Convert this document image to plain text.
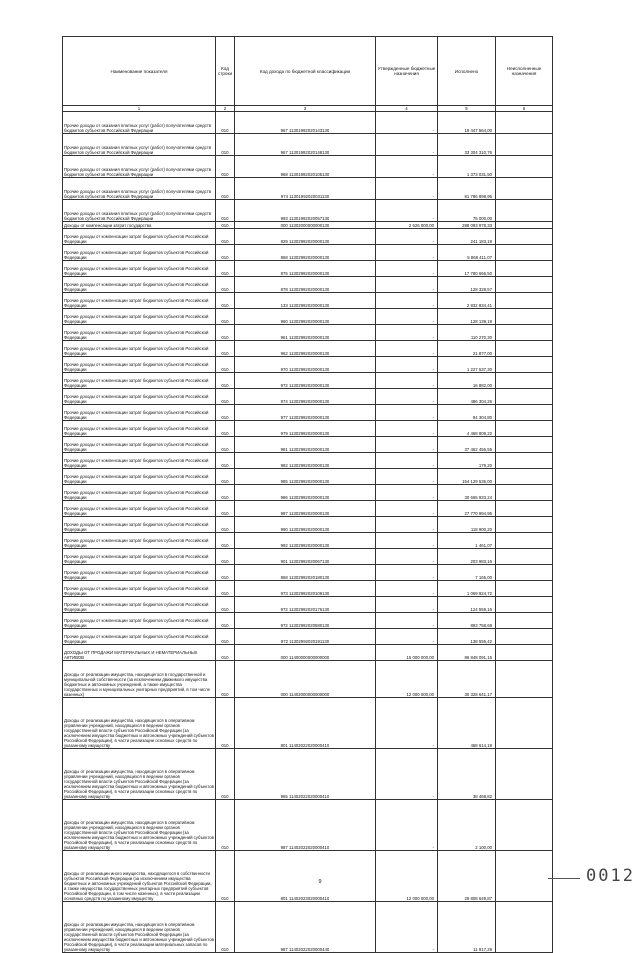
Наименование показателя	Код строки	Код дохода по бюджетной классификации	Утвержденные бюджетные назначения	Исполнено	Неисполненные назначения
1	2	3	4	5	6
Прочие доходы от оказания платных услуг (работ) получателями средств бюджетов субъектов Российской Федерации	010	967 11301992020143130	-	19 447 564,00	
Прочие доходы от оказания платных услуг (работ) получателями средств бюджетов субъектов Российской Федерации	010	967 11301992020148130	-	33 304 310,76	
Прочие доходы от оказания платных услуг (работ) получателями средств бюджетов субъектов Российской Федерации	010	968 11301992020105130	-	1 373 031,50	
Прочие доходы от оказания платных услуг (работ) получателями средств бюджетов субъектов Российской Федерации	010	974 11301992020031130	-	81 786 898,95	
Прочие доходы от оказания платных услуг (работ) получателями средств бюджетов субъектов Российской Федерации	010	993 11301992020057130	-	75 000,00	
Доходы от компенсации затрат государства	010	000 11302000000000130	2 626 000,00	288 093 978,33	
Прочие доходы от компенсации затрат бюджетов субъектов Российской Федерации	010	829 11302992020000130	-	241 183,19	
Прочие доходы от компенсации затрат бюджетов субъектов Российской Федерации	010	868 11302992020000130	-	5 868 411,07	
Прочие доходы от компенсации затрат бюджетов субъектов Российской Федерации	010	875 11302992020000130	-	17 780 666,50	
Прочие доходы от компенсации затрат бюджетов субъектов Российской Федерации	010	878 11302992020000130	-	128 328,57	
Прочие доходы от компенсации затрат бюджетов субъектов Российской Федерации	010	133 11302992020000130	-	2 832 834,41	
Прочие доходы от компенсации затрат бюджетов субъектов Российской Федерации	010	960 11302992020000130	-	128 139,19	
Прочие доходы от компенсации затрат бюджетов субъектов Российской Федерации	010	961 11302992020000130	-	110 270,30	
Прочие доходы от компенсации затрат бюджетов субъектов Российской Федерации	010	962 11302992020000130	-	21 877,00	
Прочие доходы от компенсации затрат бюджетов субъектов Российской Федерации	010	970 11302992020000130	-	1 227 537,30	
Прочие доходы от компенсации затрат бюджетов субъектов Российской Федерации	010	972 11302992020000130	-	16 882,00	
Прочие доходы от компенсации затрат бюджетов субъектов Российской Федерации	010	974 11302992020000130	-	486 304,26	
Прочие доходы от компенсации затрат бюджетов субъектов Российской Федерации	010	977 11302992020000130	-	94 304,80	
Прочие доходы от компенсации затрат бюджетов субъектов Российской Федерации	010	979 11302992020000130	-	4 468 809,22	
Прочие доходы от компенсации затрат бюджетов субъектов Российской Федерации	010	981 11302992020000130	-	37 462 456,55	
Прочие доходы от компенсации затрат бюджетов субъектов Российской Федерации	010	982 11302992020000130	-	179,20	
Прочие доходы от компенсации затрат бюджетов субъектов Российской Федерации	010	985 11302992020000130	-	154 129 536,00	
Прочие доходы от компенсации затрат бюджетов субъектов Российской Федерации	010	986 11302992020000130	-	30 665 933,24	
Прочие доходы от компенсации затрат бюджетов субъектов Российской Федерации	010	987 11302992020000130	-	27 770 994,95	
Прочие доходы от компенсации затрат бюджетов субъектов Российской Федерации	010	990 11302992020000130	-	118 900,20	
Прочие доходы от компенсации затрат бюджетов субъектов Российской Федерации	010	992 11302992020000130	-	1 461,07	
Прочие доходы от компенсации затрат бюджетов субъектов Российской Федерации	010	901 11302992020067130	-	203 983,16	
Прочие доходы от компенсации затрат бюджетов субъектов Российской Федерации	010	868 11302992020180130	-	7 165,00	
Прочие доходы от компенсации затрат бюджетов субъектов Российской Федерации	010	973 11302992020109130	-	1 069 924,72	
Прочие доходы от компенсации затрат бюджетов субъектов Российской Федерации	010	972 11302992020176130	-	124 559,16	
Прочие доходы от компенсации затрат бюджетов субъектов Российской Федерации	010	972 11302992020580130	-	893 758,68	
Прочие доходы от компенсации затрат бюджетов субъектов Российской Федерации	010	972 11302992020191130	-	138 555,42	
ДОХОДЫ ОТ ПРОДАЖИ МАТЕРИАЛЬНЫХ И НЕМАТЕРИАЛЬНЫХ АКТИВОВ	010	000 11400000000000000	15 000 000,00	86 848 091,15	
Доходы от реализации имущества, находящегося в государственной и муниципальной собственности (за исключением движимого имущества бюджетных и автономных учреждений, а также имущества государственных и муниципальных унитарных предприятий, в том числе казенных)	010	000 11402000000000000	12 000 000,00	30 328 641,17	
Доходы от реализации имущества, находящегося в оперативном управлении учреждений, находящихся в ведении органов государственной власти субъектов Российской Федерации (за исключением имущества бюджетных и автономных учреждений субъектов Российской Федерации), в части реализации основных средств по указанному имуществу	010	801 11402022020000410	-	468 614,19	
Доходы от реализации имущества, находящегося в оперативном управлении учреждений, находящихся в ведении органов государственной власти субъектов Российской Федерации (за исключением имущества бюджетных и автономных учреждений субъектов Российской Федерации), в части реализации основных средств по указанному имуществу	010	965 11402022020000410	-	38 468,82	
Доходы от реализации имущества, находящегося в оперативном управлении учреждений, находящихся в ведении органов государственной власти субъектов Российской Федерации (за исключением имущества бюджетных и автономных учреждений субъектов Российской Федерации), в части реализации основных средств по указанному имуществу	010	987 11402022020000410	-	2 100,00	
Доходы от реализации иного имущества, находящегося в собственности субъектов Российской Федерации (за исключением имущества бюджетных и автономных учреждений субъектов Российской Федерации, а также имущества государственных унитарных предприятий субъектов Российской Федерации, в том числе казенных), в части реализации основных средств по указанному имуществу	010	801 11402023020000410	12 000 000,00	29 808 649,87	
Доходы от реализации имущества, находящегося в оперативном управлении учреждений, находящихся в ведении органов государственной власти субъектов Российской Федерации (за исключением имущества бюджетных и автономных учреждений субъектов Российской Федерации), в части реализации материальных запасов по указанному имуществу	010	987 11402022020000440	-	11 917,29	
0012
9
